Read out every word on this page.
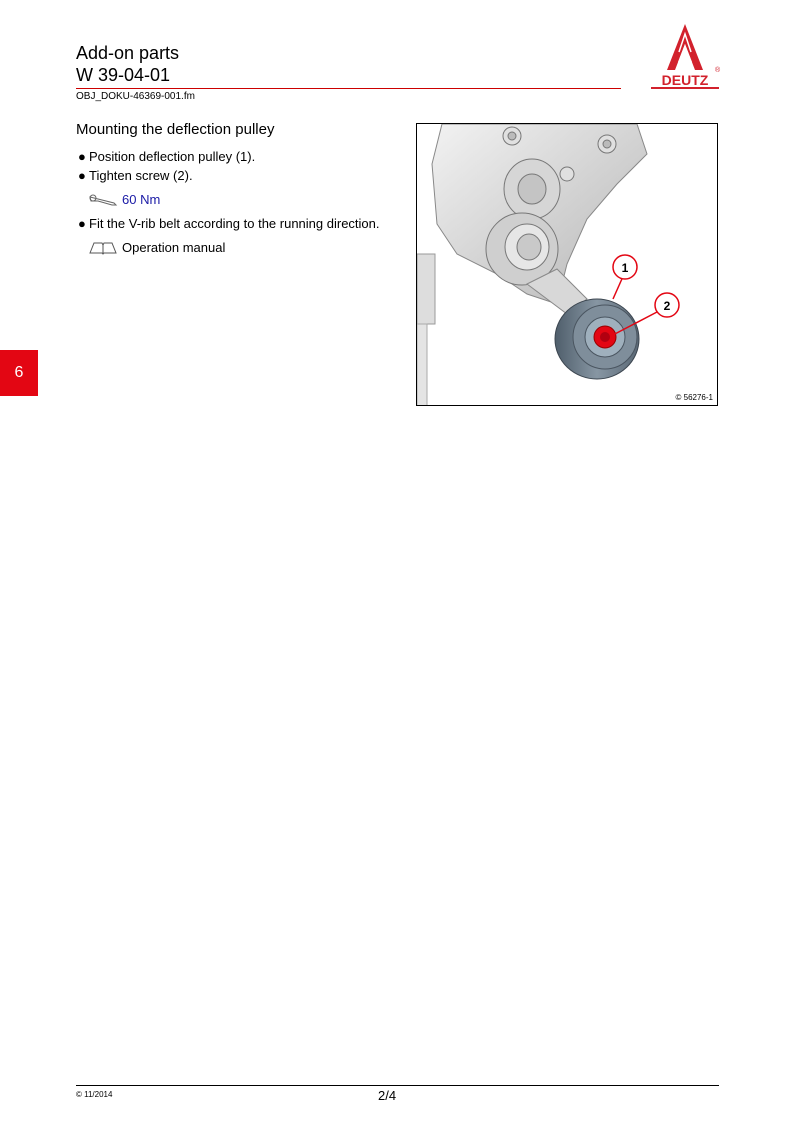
Add-on parts
W 39-04-01
OBJ_DOKU-46369-001.fm
DEUTZ
®
6
Mounting the deflection pulley
● Position deflection pulley (1).
● Tighten screw (2).
60 Nm
● Fit the V-rib belt according to the running direction.
Operation manual
1
2
© 56276-1
© 11/2014	2/4
